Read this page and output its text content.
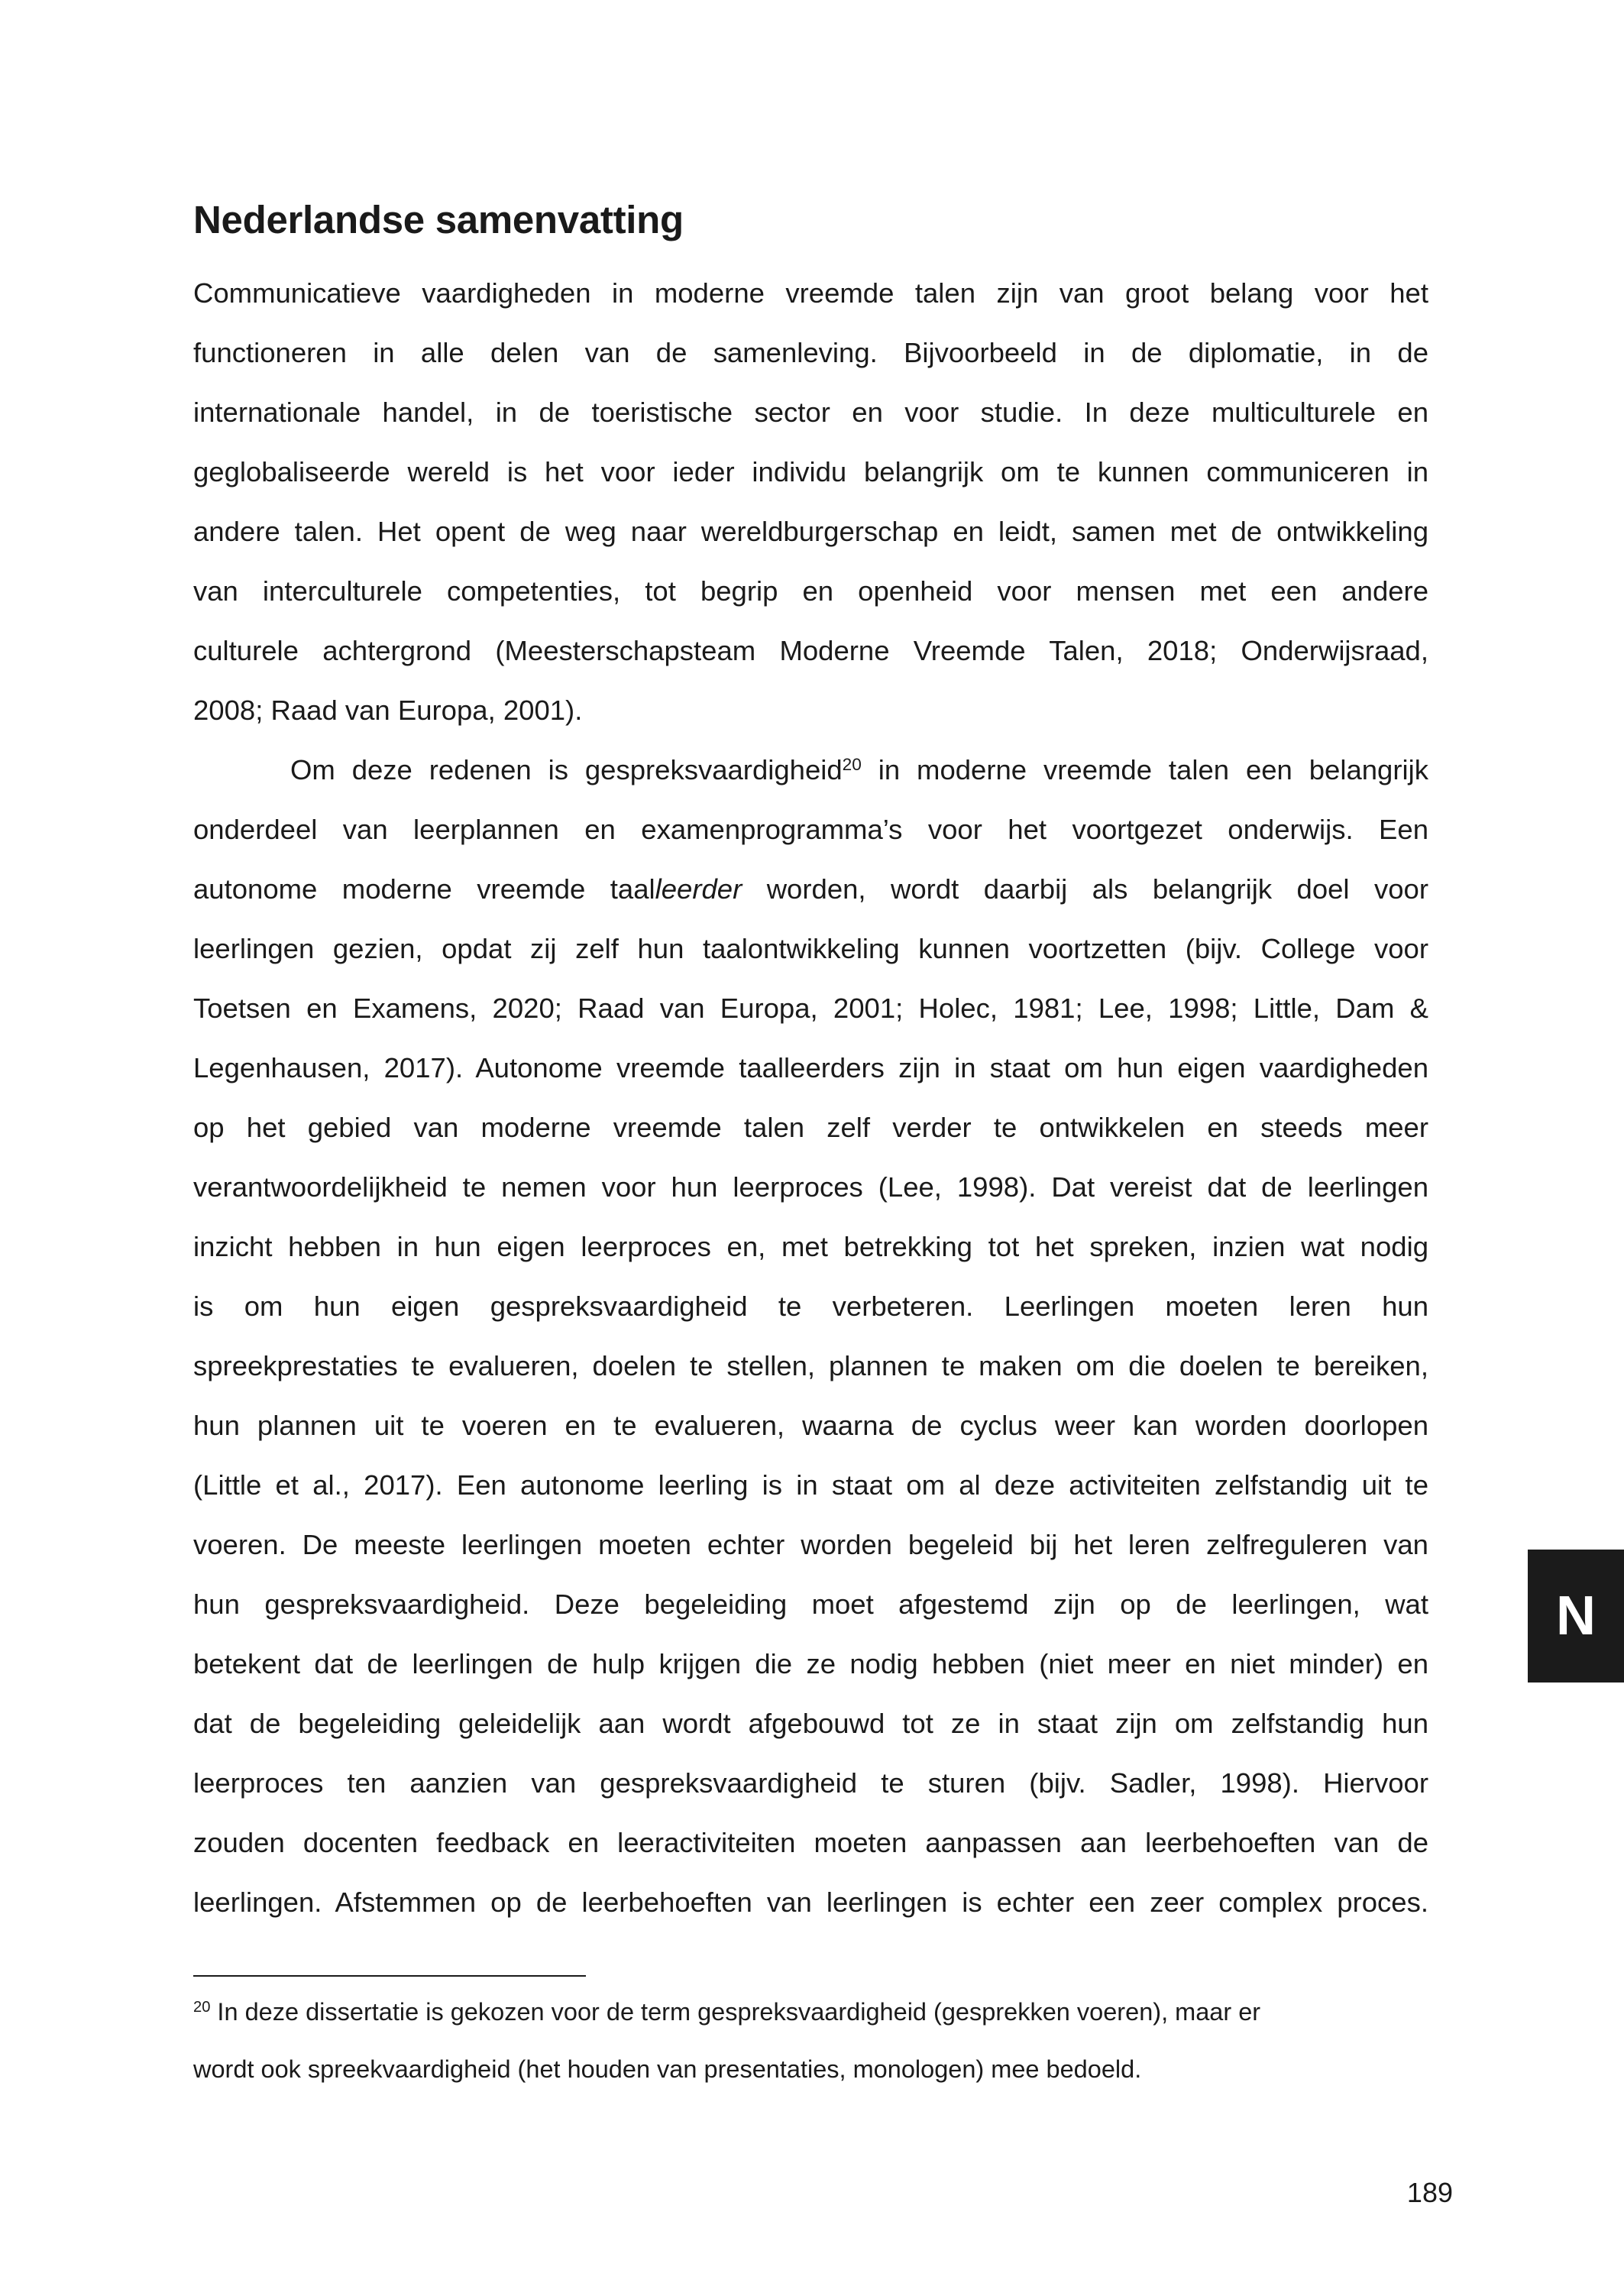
Nederlandse samenvatting
Communicatieve vaardigheden in moderne vreemde talen zijn van groot belang voor het
functioneren in alle delen van de samenleving. Bijvoorbeeld in de diplomatie, in de
internationale handel, in de toeristische sector en voor studie. In deze multiculturele en
geglobaliseerde wereld is het voor ieder individu belangrijk om te kunnen communiceren in
andere talen. Het opent de weg naar wereldburgerschap en leidt, samen met de ontwikkeling
van interculturele competenties, tot begrip en openheid voor mensen met een andere
culturele achtergrond (Meesterschapsteam Moderne Vreemde Talen, 2018; Onderwijsraad,
2008; Raad van Europa, 2001).
Om deze redenen is gespreksvaardigheid$^{20}$ in moderne vreemde talen een belangrijk
onderdeel van leerplannen en examenprogramma’s voor het voortgezet onderwijs. Een
autonome moderne vreemde taalleerder worden, wordt daarbij als belangrijk doel voor
leerlingen gezien, opdat zij zelf hun taalontwikkeling kunnen voortzetten (bijv. College voor
Toetsen en Examens, 2020; Raad van Europa, 2001; Holec, 1981; Lee, 1998; Little, Dam &
Legenhausen, 2017). Autonome vreemde taalleerders zijn in staat om hun eigen vaardigheden
op het gebied van moderne vreemde talen zelf verder te ontwikkelen en steeds meer
verantwoordelijkheid te nemen voor hun leerproces (Lee, 1998). Dat vereist dat de leerlingen
inzicht hebben in hun eigen leerproces en, met betrekking tot het spreken, inzien wat nodig
is om hun eigen gespreksvaardigheid te verbeteren. Leerlingen moeten leren hun
spreekprestaties te evalueren, doelen te stellen, plannen te maken om die doelen te bereiken,
hun plannen uit te voeren en te evalueren, waarna de cyclus weer kan worden doorlopen
(Little et al., 2017). Een autonome leerling is in staat om al deze activiteiten zelfstandig uit te
voeren. De meeste leerlingen moeten echter worden begeleid bij het leren zelfreguleren van
hun gespreksvaardigheid. Deze begeleiding moet afgestemd zijn op de leerlingen, wat
betekent dat de leerlingen de hulp krijgen die ze nodig hebben (niet meer en niet minder) en
dat de begeleiding geleidelijk aan wordt afgebouwd tot ze in staat zijn om zelfstandig hun
leerproces ten aanzien van gespreksvaardigheid te sturen (bijv. Sadler, 1998). Hiervoor
zouden docenten feedback en leeractiviteiten moeten aanpassen aan leerbehoeften van de
leerlingen. Afstemmen op de leerbehoeften van leerlingen is echter een zeer complex proces.
$^{20}$ In deze dissertatie is gekozen voor de term gespreksvaardigheid (gesprekken voeren), maar er
wordt ook spreekvaardigheid (het houden van presentaties, monologen) mee bedoeld.
N
189
